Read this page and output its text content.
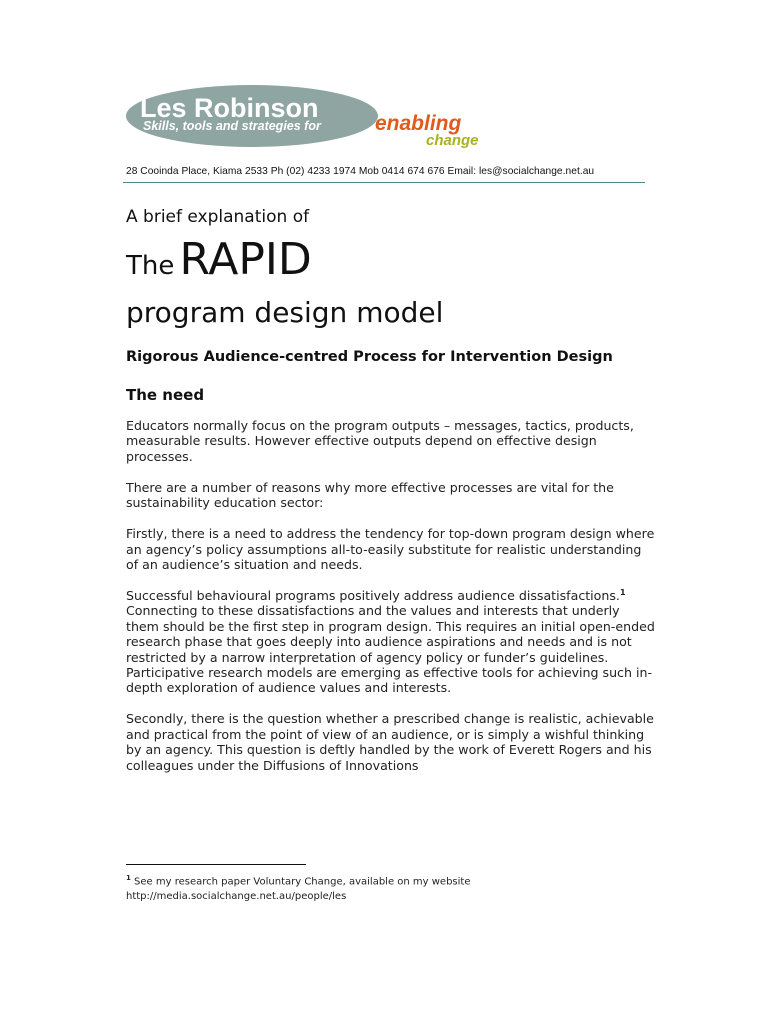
Les Robinson
Skills, tools and strategies for	enabling
change
28 Cooinda Place, Kiama 2533 Ph (02) 4233 1974 Mob 0414 674 676 Email: les@socialchange.net.au
A brief explanation of
The RAPID
program design model
Rigorous Audience-centred Process for Intervention Design
The need

Educators normally focus on the program outputs – messages, tactics, products, measurable results. However effective outputs depend on effective design processes.

There are a number of reasons why more effective processes are vital for the sustainability education sector:

Firstly, there is a need to address the tendency for top-down program design where an agency’s policy assumptions all-to-easily substitute for realistic understanding of an audience’s situation and needs.

Successful behavioural programs positively address audience dissatisfactions.$^1$ Connecting to these dissatisfactions and the values and interests that underly them should be the first step in program design. This requires an initial open-ended research phase that goes deeply into audience aspirations and needs and is not restricted by a narrow interpretation of agency policy or funder’s guidelines. Participative research models are emerging as effective tools for achieving such in-depth exploration of audience values and interests.

Secondly, there is the question whether a prescribed change is realistic, achievable and practical from the point of view of an audience, or is simply a wishful thinking by an agency. This question is deftly handled by the work of Everett Rogers and his colleagues under the Diffusions of Innovations

$^1$ See my research paper Voluntary Change, available on my website
http://media.socialchange.net.au/people/les
